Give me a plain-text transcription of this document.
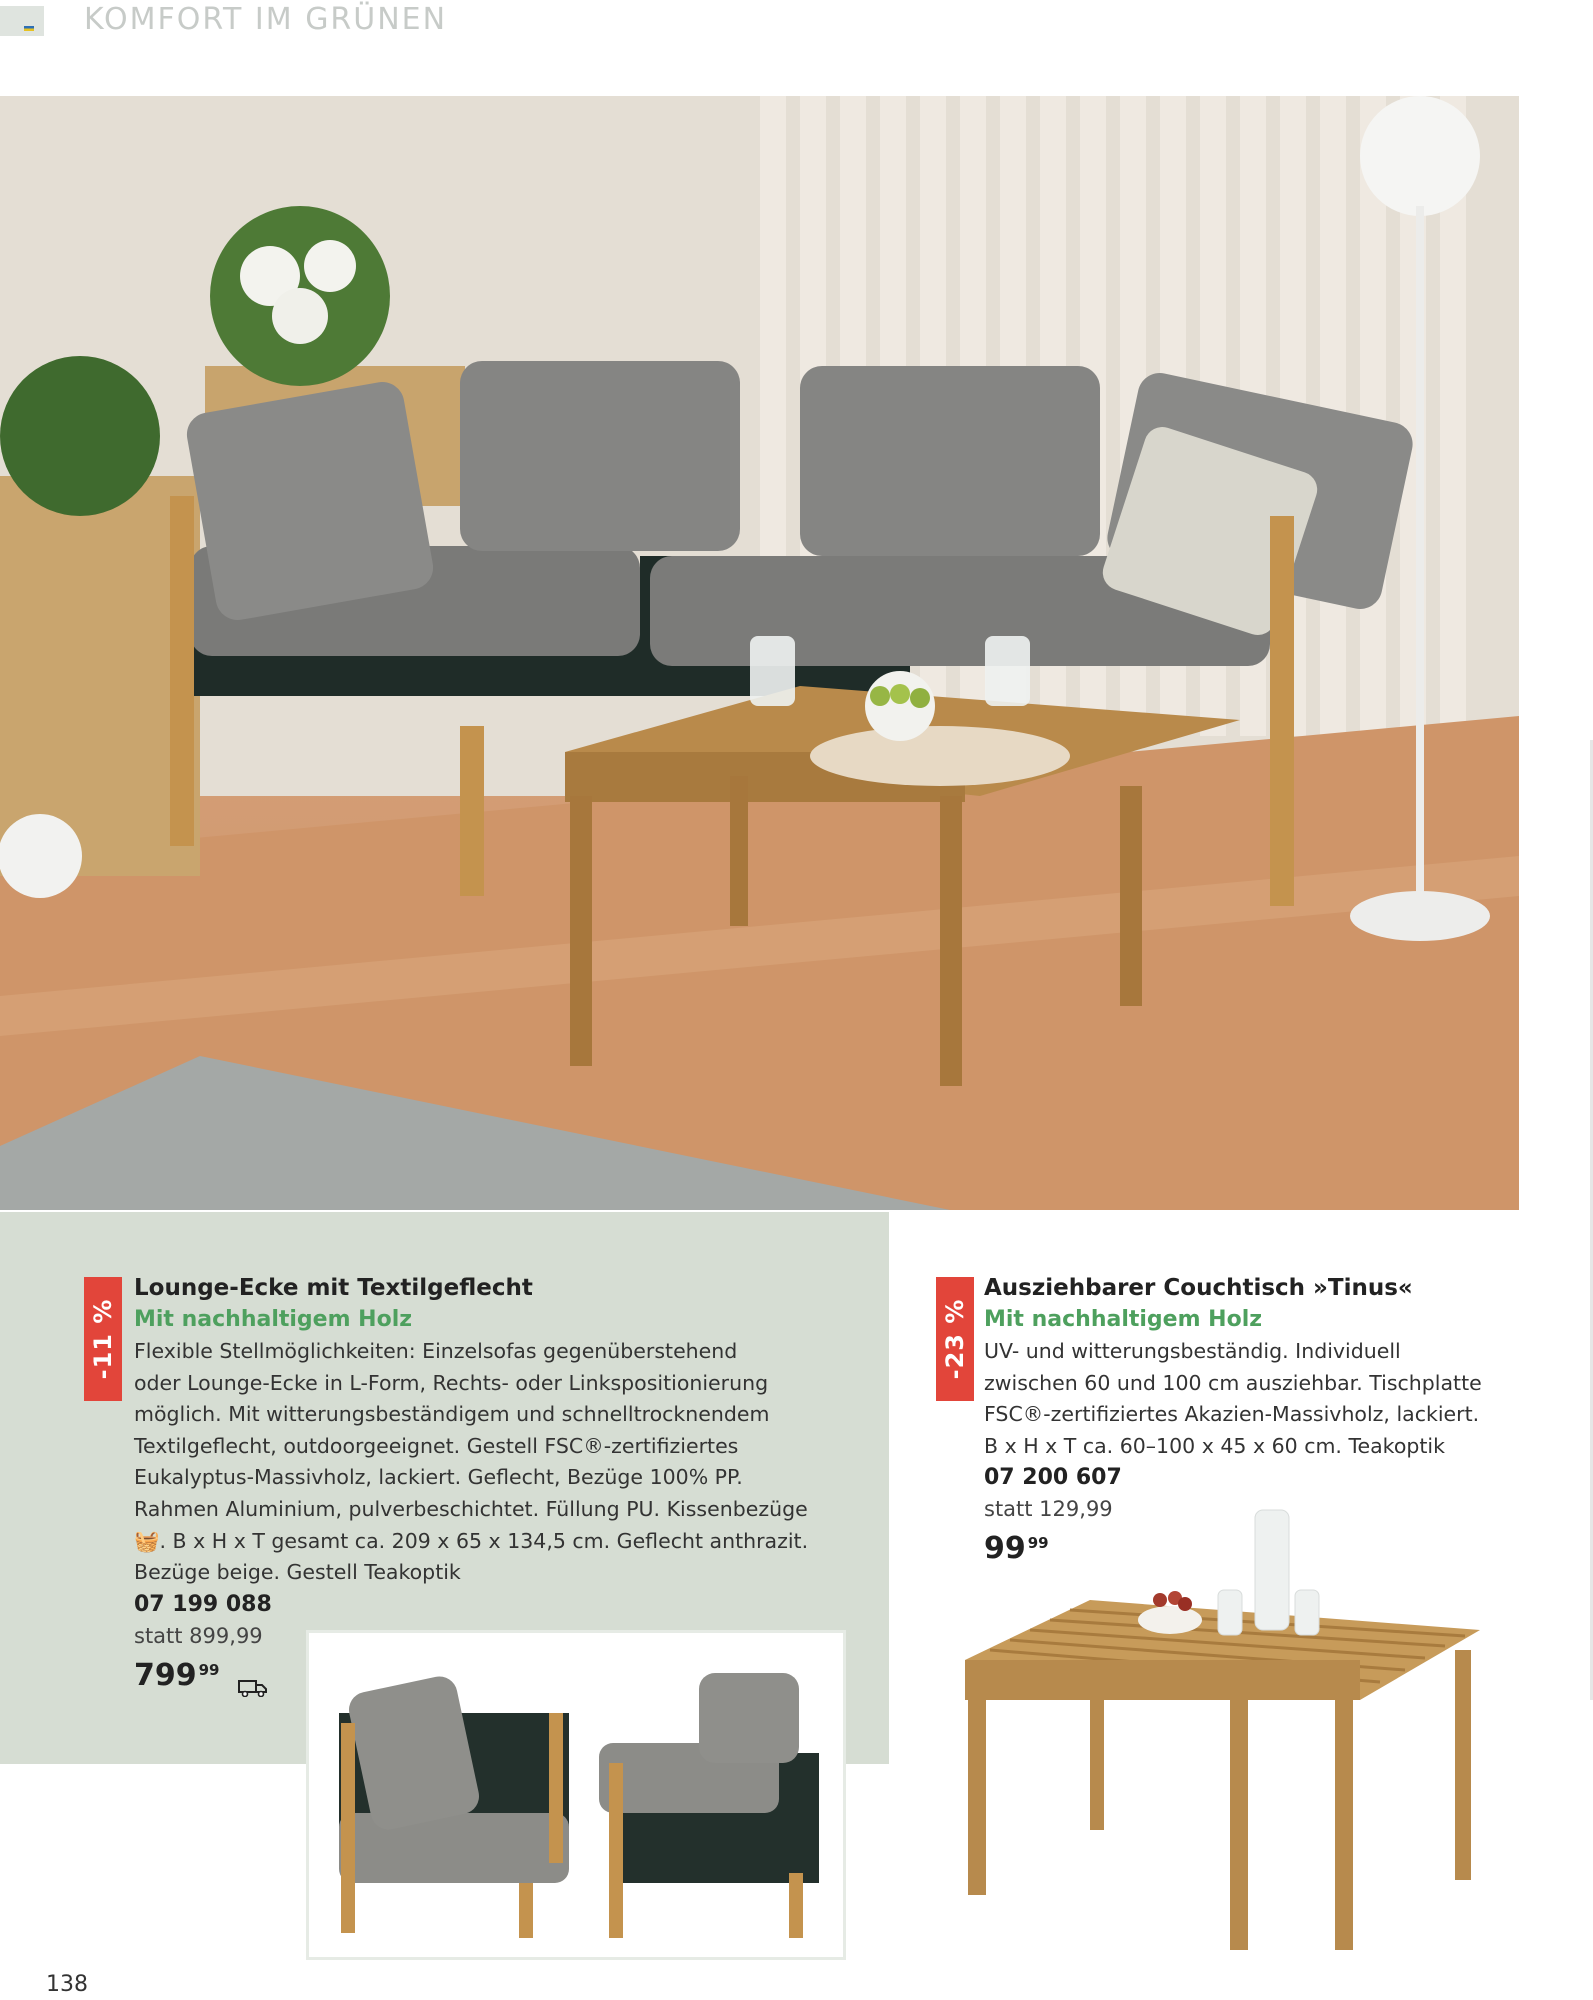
KOMFORT IM GRÜNEN
-11 %
Lounge-Ecke mit Textilgeflecht
Mit nachhaltigem Holz
Flexible Stellmöglichkeiten: Einzelsofas gegenüberstehend
oder Lounge-Ecke in L-Form, Rechts- oder Linkspositionierung
möglich. Mit witterungsbeständigem und schnelltrocknendem
Textilgeflecht, outdoorgeeignet. Gestell FSC®-zertifiziertes
Eukalyptus-Massivholz, lackiert. Geflecht, Bezüge 100% PP.
Rahmen Aluminium, pulverbeschichtet. Füllung PU. Kissenbezüge
🧺. B x H x T gesamt ca. 209 x 65 x 134,5 cm. Geflecht anthrazit.
Bezüge beige. Gestell Teakoptik
07 199 088
statt 899,99
799 99
-23 %
Ausziehbarer Couchtisch »Tinus«
Mit nachhaltigem Holz
UV- und witterungsbeständig. Individuell
zwischen 60 und 100 cm ausziehbar. Tischplatte
FSC®-zertifiziertes Akazien-Massivholz, lackiert.
B x H x T ca. 60–100 x 45 x 60 cm. Teakoptik
07 200 607
statt 129,99
99 99
138
